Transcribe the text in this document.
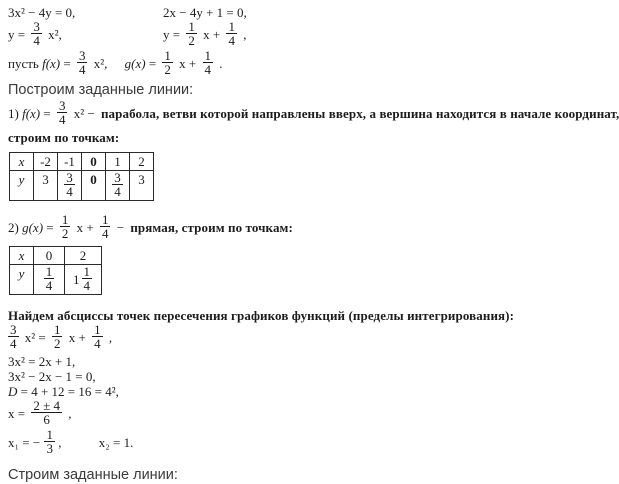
3x² − 4y = 0,	2x − 4y + 1 = 0,
$y = \frac{3}{4} x^2$,	$y = \frac{1}{2}$ $x + \frac{1}{4}$ ,
пусть $f(x) = \frac{3}{4} x^2$, $g(x) = \frac{1}{2}$ $x + \frac{1}{4}$ .
Построим заданные линии:
1) $f(x) = \frac{3}{4} x^2$ − парабола, ветви которой направлены вверх, а вершина находится в начале координат,
строим по точкам:
x	-2	-1	0	1	2
y	3	$\frac{3}{4}$	0	$\frac{3}{4}$	3
2) $g(x) = \frac{1}{2}$ $x + \frac{1}{4}$ − прямая, строим по точкам:
x	0	2
y	$\frac{1}{4}$	$1 \frac{1}{4}$
Найдем абсциссы точек пересечения графиков функций (пределы интегрирования):
$\frac{3}{4} x^2 = \frac{1}{2}$ $x + \frac{1}{4}$ ,
3x² = 2x + 1,
3x² − 2x − 1 = 0,
D = 4 + 12 = 16 = 4²,
$x = \frac{2 \pm 4}{6}$ ,
x₁ = − $\frac{1}{3}$ ,	x₂ = 1.
Строим заданные линии:
